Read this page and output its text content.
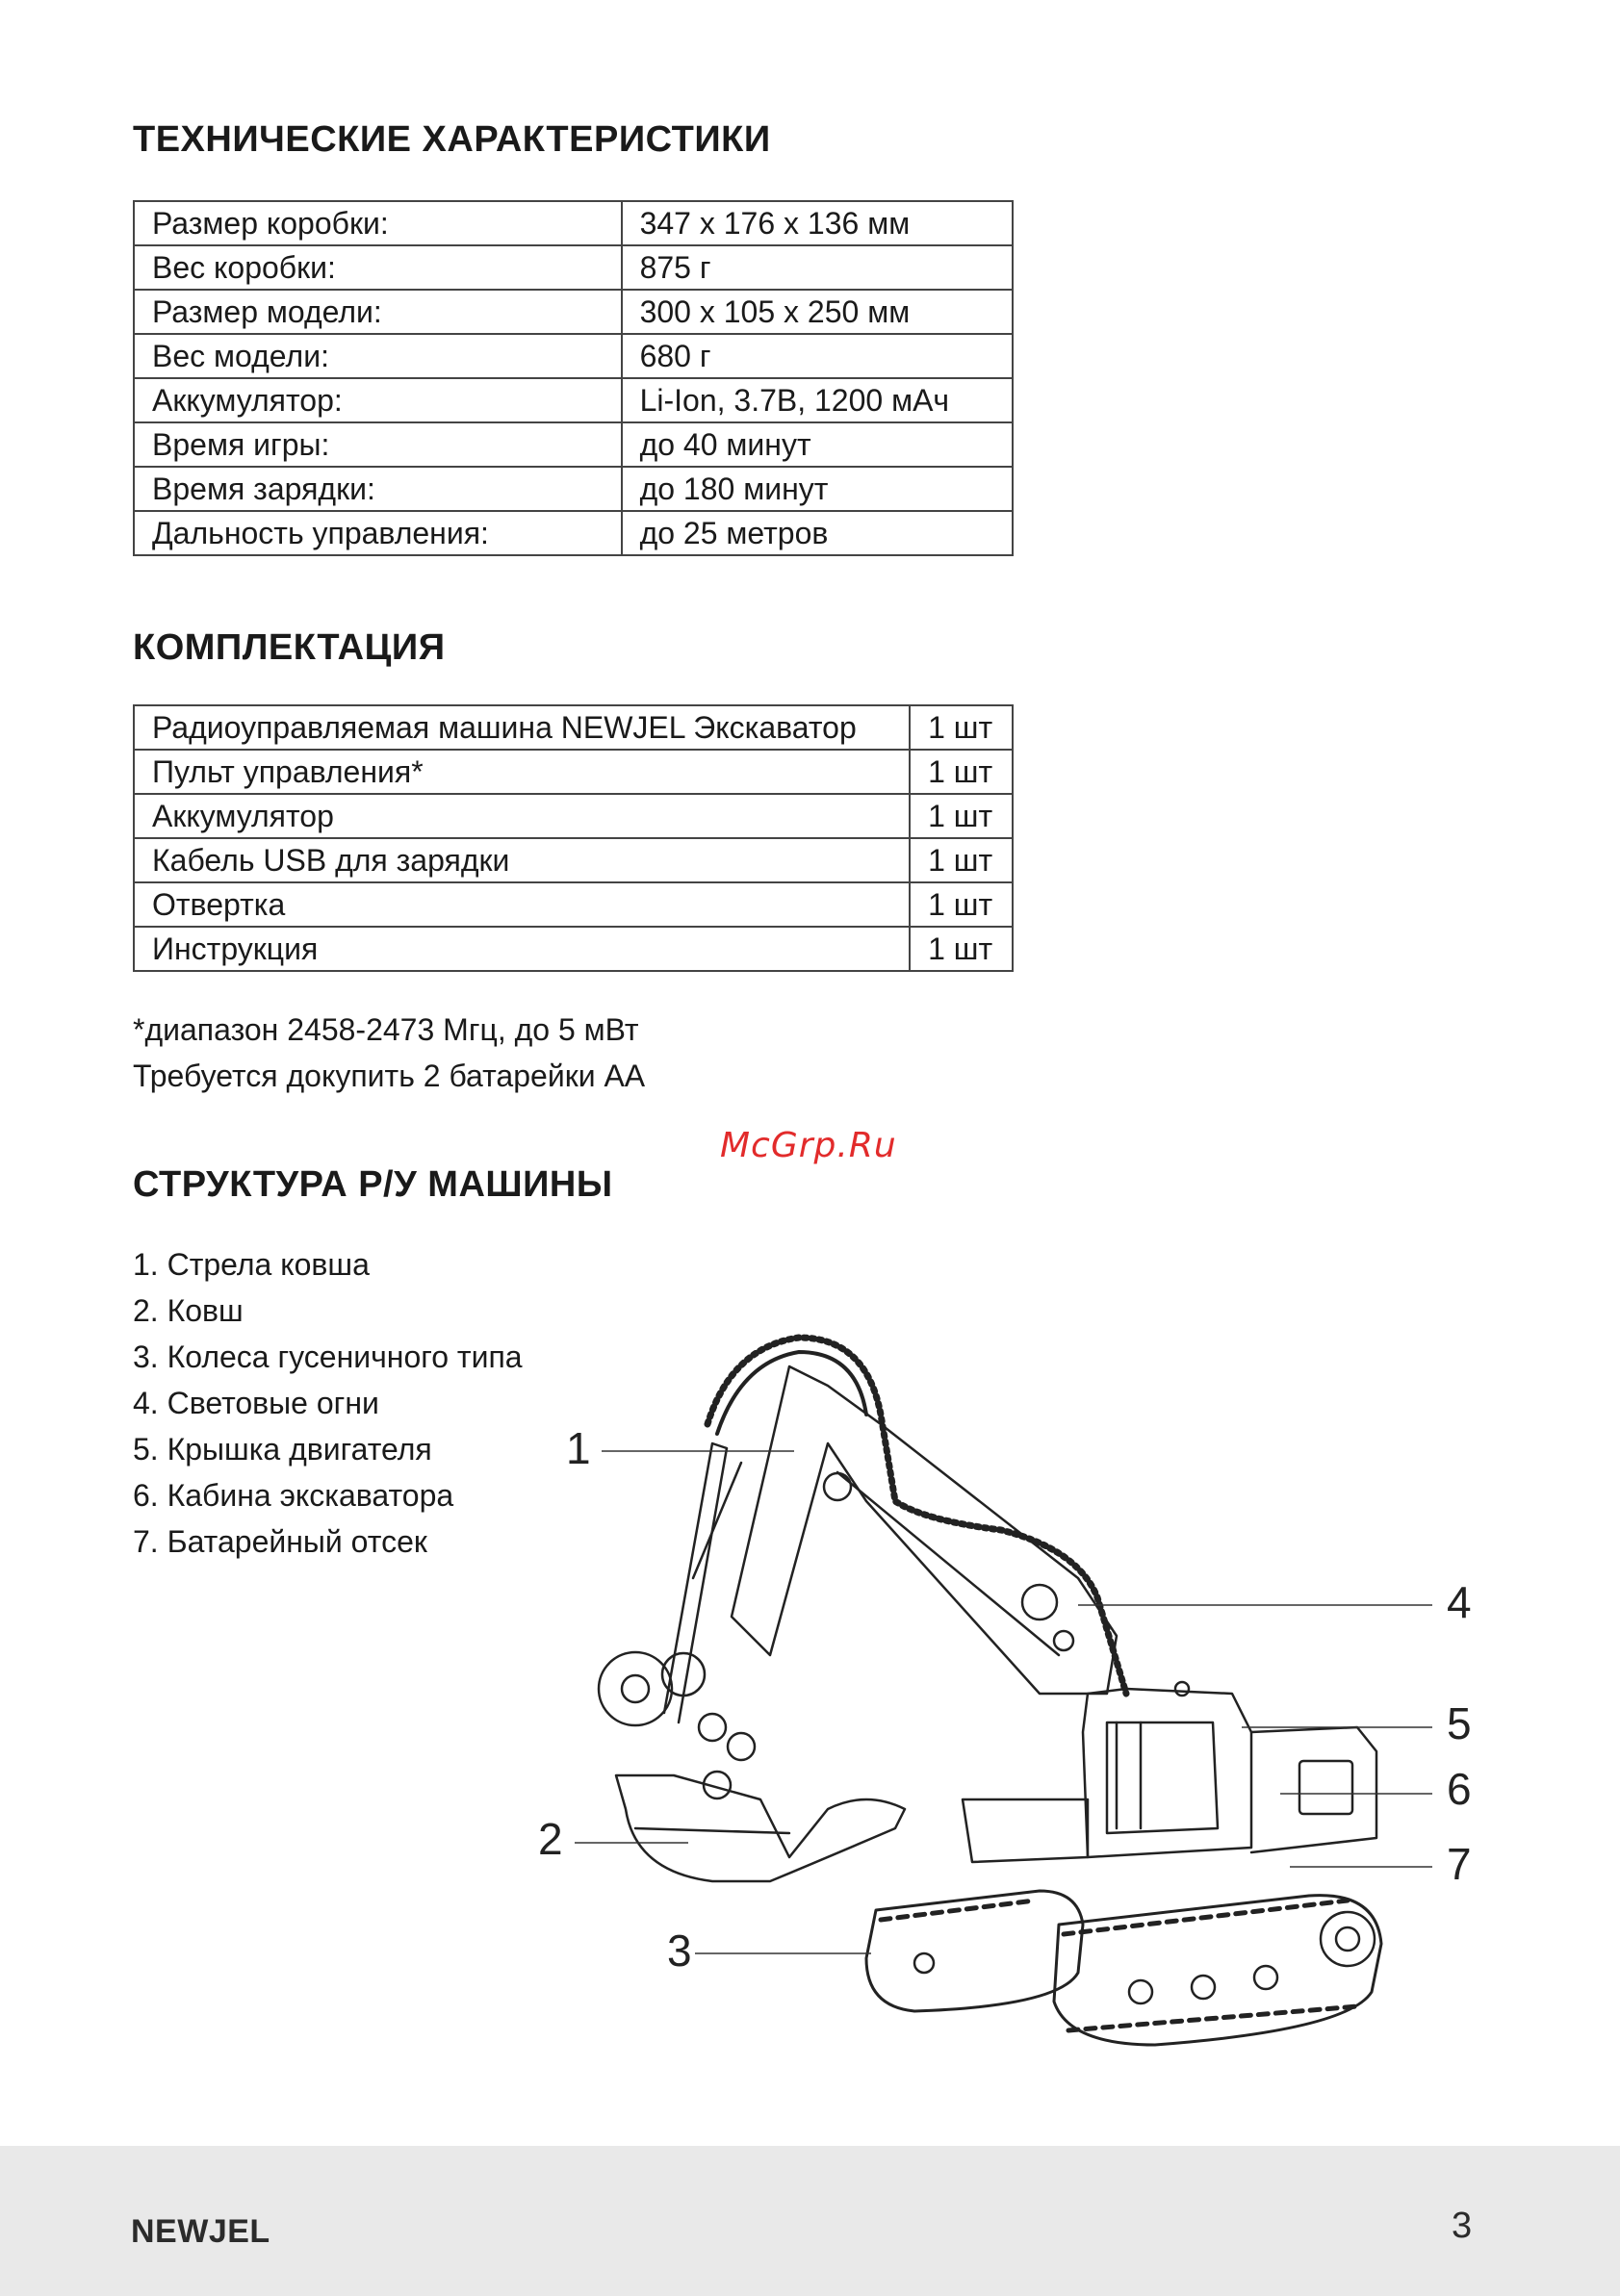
ТЕХНИЧЕСКИЕ ХАРАКТЕРИСТИКИ
Размер коробки:	347 x 176 x 136 мм
Вес коробки:	875 г
Размер модели:	300 x 105 x 250 мм
Вес модели:	680 г
Аккумулятор:	Li-Ion, 3.7В, 1200 мАч
Время игры:	до 40 минут
Время зарядки:	до 180 минут
Дальность управления:	до 25 метров
КОМПЛЕКТАЦИЯ
Радиоуправляемая машина NEWJEL Экскаватор	1 шт
Пульт управления*	1 шт
Аккумулятор	1 шт
Кабель USB для зарядки	1 шт
Отвертка	1 шт
Инструкция	1 шт

*диапазон 2458-2473 Мгц, до 5 мВт

Требуется докупить 2 батарейки АА

McGrp.Ru
СТРУКТУРА Р/У МАШИНЫ
1. Стрела ковша
2. Ковш
3. Колеса гусеничного типа
4. Световые огни
5. Крышка двигателя
6. Кабина экскаватора
7. Батарейный отсек
1
2
3
4
5
6
7
NEWJEL	3
